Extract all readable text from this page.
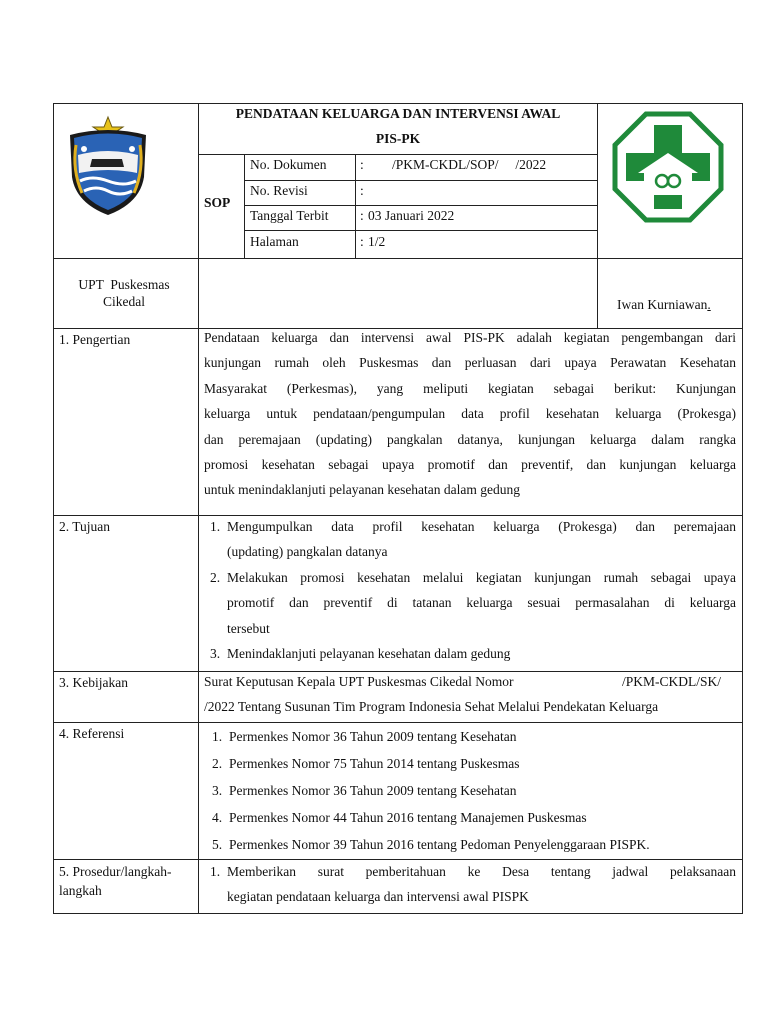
PENDATAAN KELUARGA DAN INTERVENSI AWAL
PIS-PK
SOP
No. Dokumen : /PKM-CKDL/SOP/     /2022
No. Revisi	:
Tanggal Terbit : 03 Januari 2022
Halaman	: 1/2
UPT  Puskesmas Cikedal	Iwan Kurniawan.
1. Pengertian	Pendataan keluarga dan intervensi awal PIS-PK adalah kegiatan pengembangan dari
kunjungan rumah oleh Puskesmas dan perluasan dari upaya Perawatan Kesehatan
Masyarakat (Perkesmas), yang meliputi kegiatan sebagai berikut: Kunjungan
keluarga untuk pendataan/pengumpulan data profil kesehatan keluarga (Prokesga)
dan peremajaan (updating) pangkalan datanya, kunjungan keluarga dalam rangka
promosi kesehatan sebagai upaya promotif dan preventif, dan kunjungan keluarga
untuk menindaklanjuti pelayanan kesehatan dalam gedung
2. Tujuan	1. Mengumpulkan data profil kesehatan keluarga (Prokesga) dan peremajaan
(updating) pangkalan datanya
2. Melakukan promosi kesehatan melalui kegiatan kunjungan rumah sebagai upaya
promotif dan preventif di tatanan keluarga sesuai permasalahan di keluarga
tersebut
3. Menindaklanjuti pelayanan kesehatan dalam gedung
3. Kebijakan	Surat Keputusan Kepala UPT Puskesmas Cikedal Nomor	/PKM-CKDL/SK/
/2022 Tentang Susunan Tim Program Indonesia Sehat Melalui Pendekatan Keluarga
4. Referensi	1. Permenkes Nomor 36 Tahun 2009 tentang Kesehatan
2. Permenkes Nomor 75 Tahun 2014 tentang Puskesmas
3. Permenkes Nomor 36 Tahun 2009 tentang Kesehatan
4. Permenkes Nomor 44 Tahun 2016 tentang Manajemen Puskesmas
5. Permenkes Nomor 39 Tahun 2016 tentang Pedoman Penyelenggaraan PISPK.
5. Prosedur/langkah-
langkah
1. Memberikan surat pemberitahuan ke Desa tentang jadwal pelaksanaan
kegiatan pendataan keluarga dan intervensi awal PISPK
